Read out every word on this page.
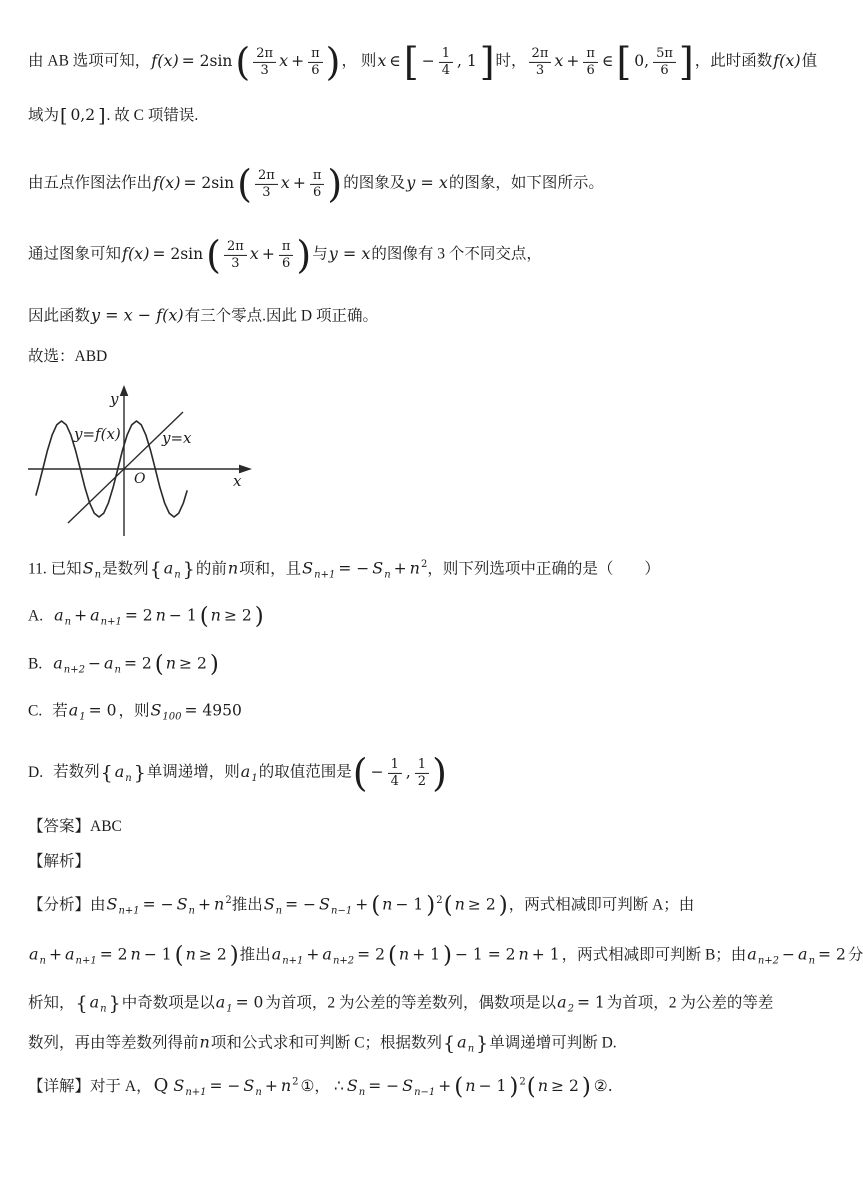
由 AB 选项可知，$f(x) = 2\sin( \frac{2\pi}{3}$ $x + \frac{\pi}{6}$ )， 则x ∈[ − $\frac{1}{4}$ , 1]时， $\frac{2\pi}{3}$ $x + \frac{\pi}{6}$ ∈[ 0, $\frac{5\pi}{6}$ ]，此时函数f(x)值
域为[ 0,2 ]. 故 C 项错误.
由五点作图法作出$f(x) = 2\sin( \frac{2\pi}{3}$ $x + \frac{\pi}{6}$ )的图象及y = x的图象，如下图所示。
通过图象可知$f(x) = 2\sin( \frac{2\pi}{3}$ $x + \frac{\pi}{6}$ )与y = x的图像有 3 个不同交点，
因此函数y = x − f(x)有三个零点.因此 D 项正确。
故选：ABD
y
x
O
y=f(x)	y=x
11. 已知$S_n$是数列{ $a_n$ }的前n项和，且$S_{n+1}$ = − $S_n + n^2$，则下列选项中正确的是（　　）
A. $a_n + a_{n+1} = 2$ n − 1 ( n ≥ 2 )
B. $a_{n+2} - a_n = 2$ ( n ≥ 2 )
C. 若$a_1 = 0$ ，则$S_{100} = 4950$
D. 若数列{ $a_n$ }单调递增，则$a_1$的取值范围是( − $\frac{1}{4}$ , $\frac{1}{2}$ )
【答案】ABC
【解析】
【分析】由$S_{n+1}$ = − $S_n + n^2$推出$S_n$ = − $S_{n-1}$ + ( n − 1 )$^2$( n ≥ 2 )，两式相减即可判断 A；由
$a_n + a_{n+1} = 2$ n − 1 ( n ≥ 2 )推出$a_{n+1} + a_{n+2} = 2$ ( n + 1 ) − 1 = 2 n + 1 ，两式相减即可判断 B；由$a_{n+2} - a_n = 2$ 分
析知，{ $a_n$ }中奇数项是以$a_1 = 0$ 为首项，2 为公差的等差数列，偶数项是以$a_2 = 1$ 为首项，2 为公差的等差
数列，再由等差数列得前n项和公式求和可判断 C；根据数列{ $a_n$ }单调递增可判断 D.
【详解】对于 A， Q $S_{n+1}$ = − $S_n + n^2$ ①， ∴ $S_n$ = − $S_{n-1}$ + ( n − 1 )$^2$( n ≥ 2 ) ②.
